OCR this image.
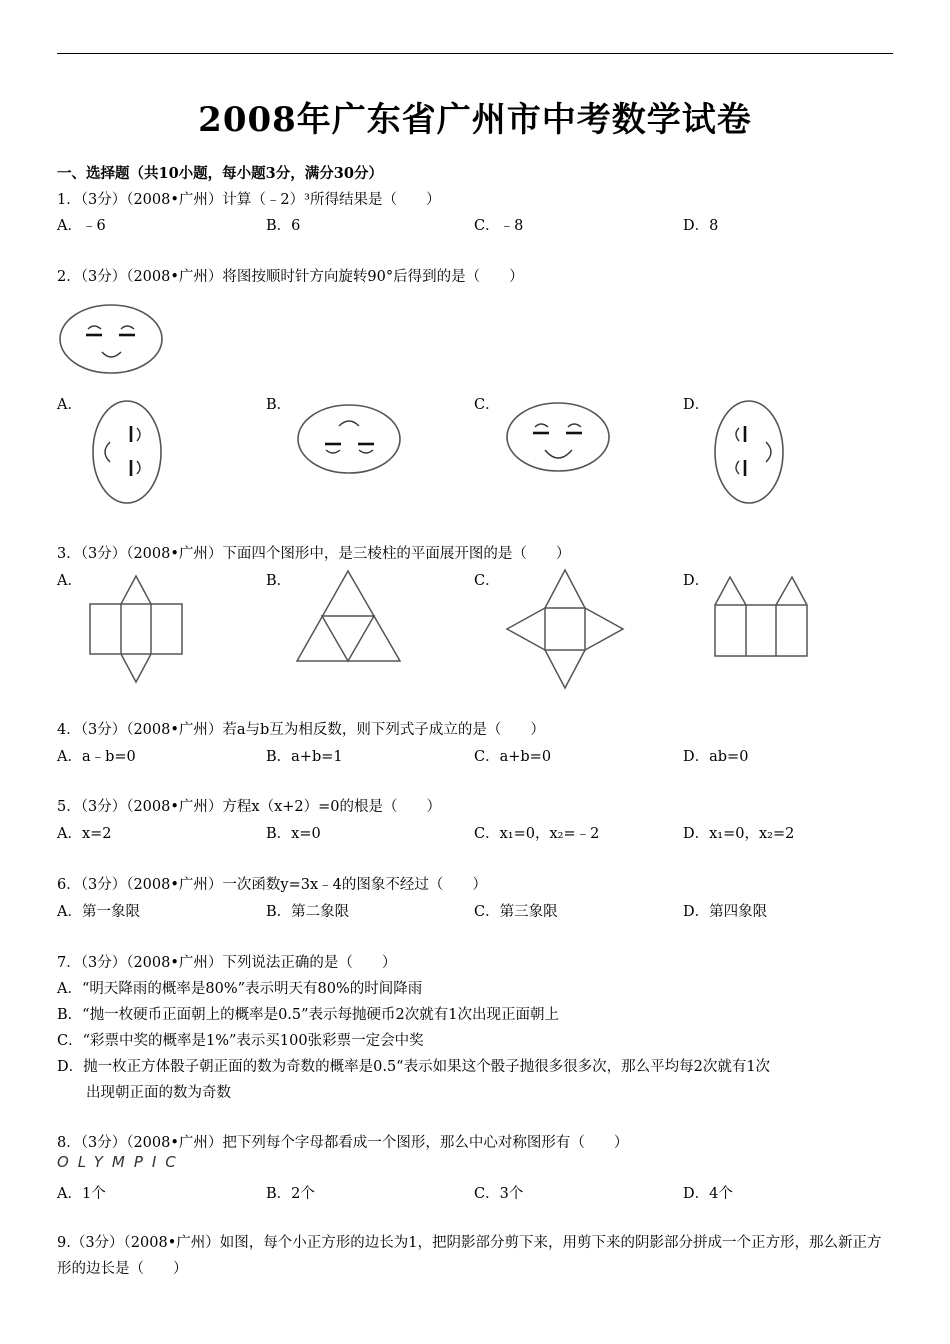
2008年广东省广州市中考数学试卷
一、选择题（共10小题，每小题3分，满分30分）
1．（3分）（2008•广州）计算（﹣2）³所得结果是（　　）
A．﹣6	B．6	C．﹣8	D．8
2．（3分）（2008•广州）将图按顺时针方向旋转90°后得到的是（　　）
A．	B．	C．	D．
3．（3分）（2008•广州）下面四个图形中，是三棱柱的平面展开图的是（　　）
A．	B．	C．	D．
4．（3分）（2008•广州）若a与b互为相反数，则下列式子成立的是（　　）
A．a﹣b=0	B．a+b=1	C．a+b=0	D．ab=0
5．（3分）（2008•广州）方程x（x+2）=0的根是（　　）
A．x=2	B．x=0	C．x₁=0，x₂=﹣2	D．x₁=0，x₂=2
6．（3分）（2008•广州）一次函数y=3x﹣4的图象不经过（　　）
A．第一象限	B．第二象限	C．第三象限	D．第四象限
7．（3分）（2008•广州）下列说法正确的是（　　）
A．“明天降雨的概率是80%”表示明天有80%的时间降雨
B．“抛一枚硬币正面朝上的概率是0.5”表示每抛硬币2次就有1次出现正面朝上
C．“彩票中奖的概率是1%”表示买100张彩票一定会中奖
D．抛一枚正方体骰子朝正面的数为奇数的概率是0.5“表示如果这个骰子抛很多很多次，那么平均每2次就有1次
出现朝正面的数为奇数
8．（3分）（2008•广州）把下列每个字母都看成一个图形，那么中心对称图形有（　　）
OLYMPIC
A．1个	B．2个	C．3个	D．4个
9.（3分）（2008•广州）如图，每个小正方形的边长为1，把阴影部分剪下来，用剪下来的阴影部分拼成一个正方形，那么新正方形的边长是（　　）
